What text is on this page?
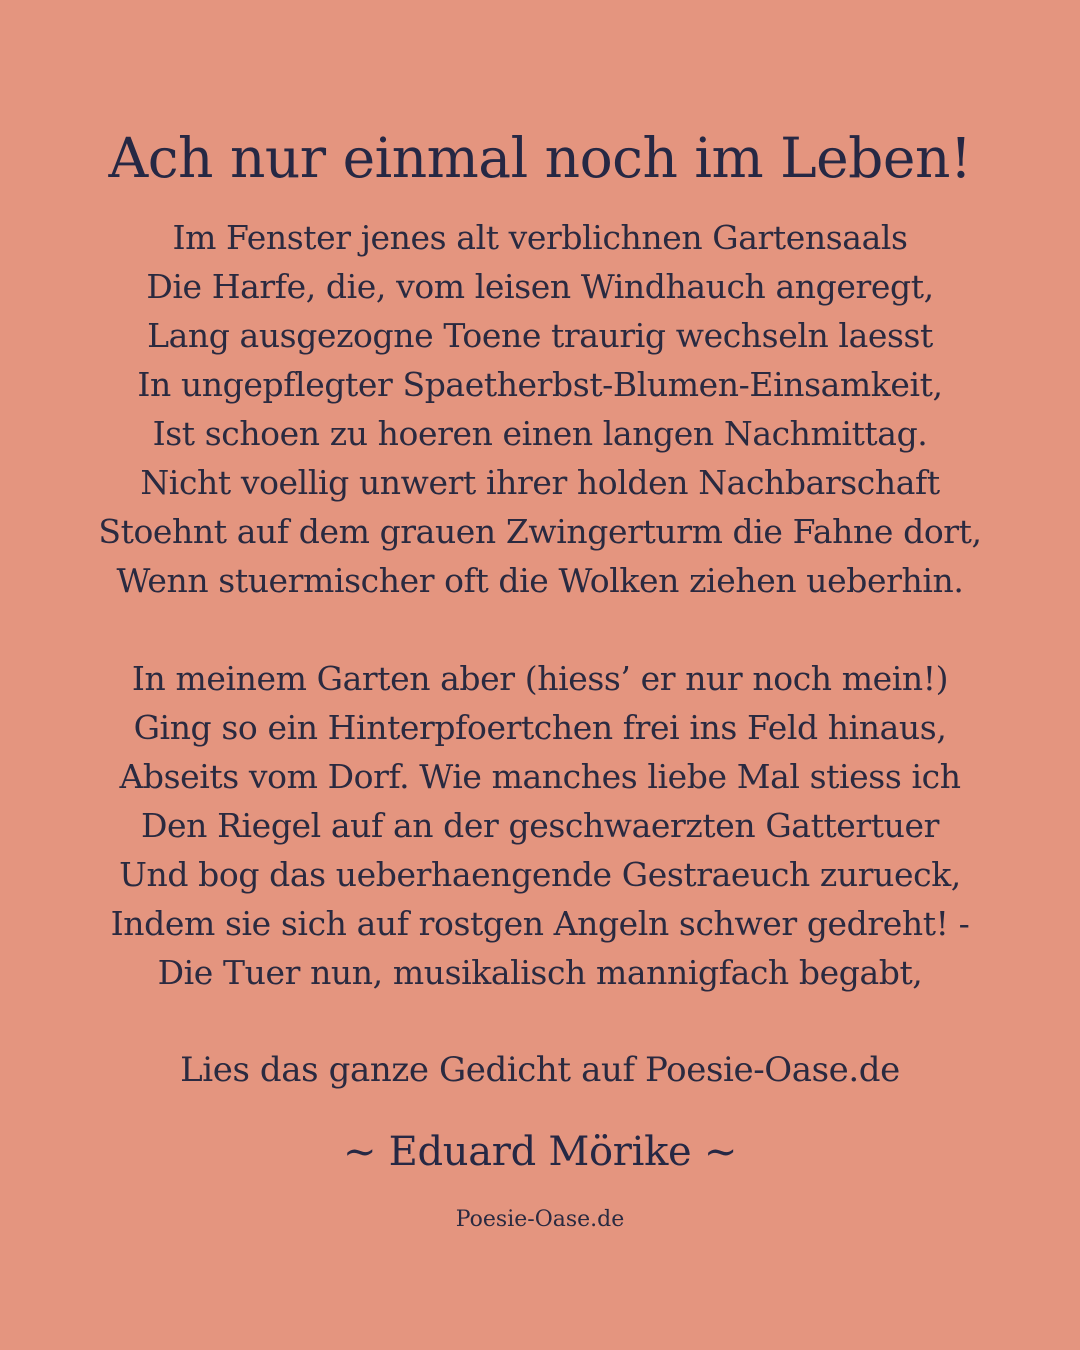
Ach nur einmal noch im Leben!
Im Fenster jenes alt verblichnen Gartensaals
Die Harfe, die, vom leisen Windhauch angeregt,
Lang ausgezogne Toene traurig wechseln laesst
In ungepflegter Spaetherbst-Blumen-Einsamkeit,
Ist schoen zu hoeren einen langen Nachmittag.
Nicht voellig unwert ihrer holden Nachbarschaft
Stoehnt auf dem grauen Zwingerturm die Fahne dort,
Wenn stuermischer oft die Wolken ziehen ueberhin.
In meinem Garten aber (hiess’ er nur noch mein!)
Ging so ein Hinterpfoertchen frei ins Feld hinaus,
Abseits vom Dorf. Wie manches liebe Mal stiess ich
Den Riegel auf an der geschwaerzten Gattertuer
Und bog das ueberhaengende Gestraeuch zurueck,
Indem sie sich auf rostgen Angeln schwer gedreht! -
Die Tuer nun, musikalisch mannigfach begabt,
Lies das ganze Gedicht auf Poesie-Oase.de
~ Eduard Mörike ~
Poesie-Oase.de
